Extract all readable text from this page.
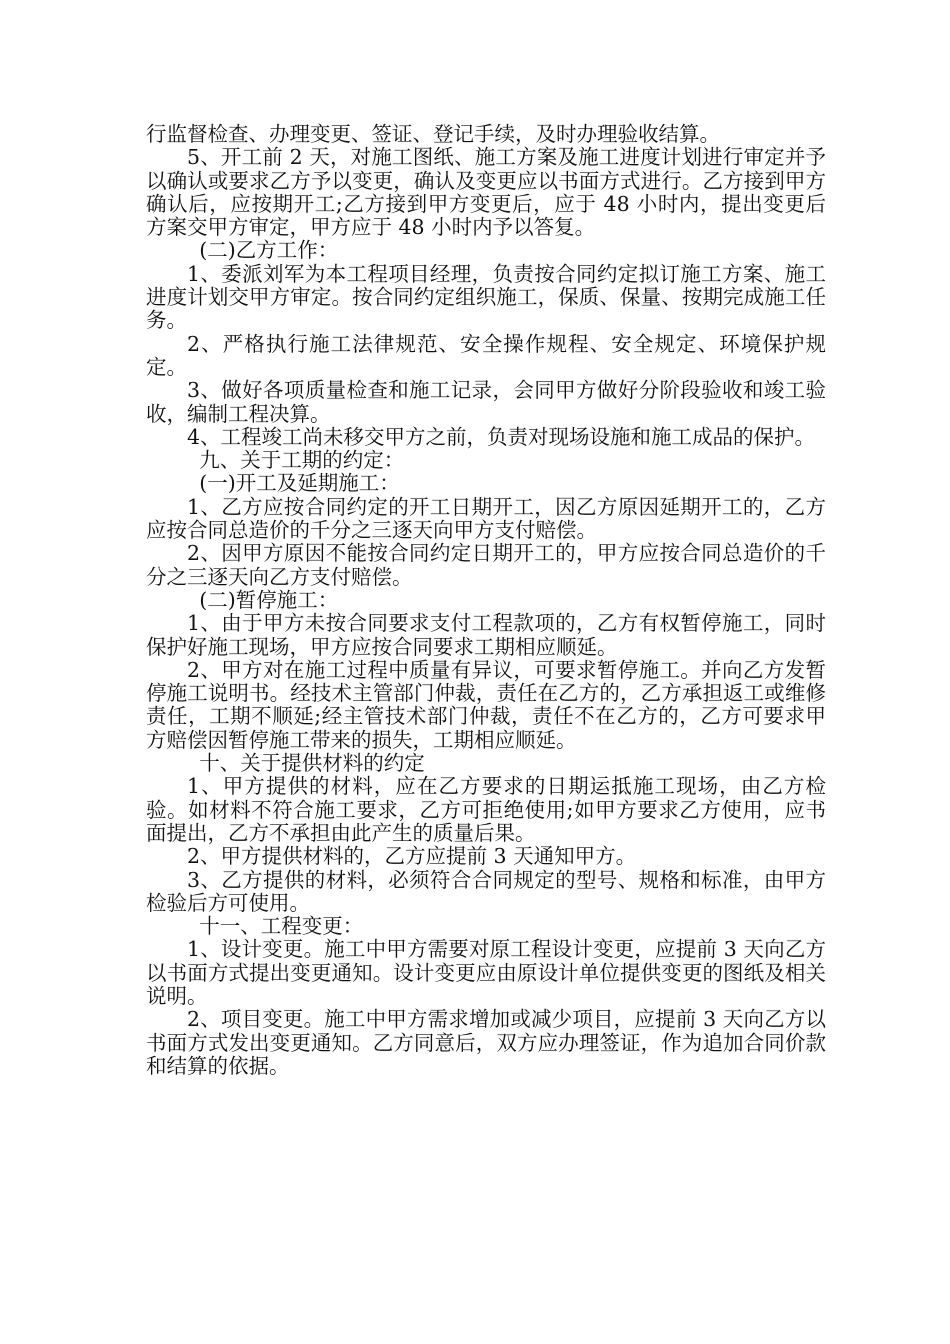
行监督检查、办理变更、签证、登记手续，及时办理验收结算。

5、开工前 2 天，对施工图纸、施工方案及施工进度计划进行审定并予以确认或要求乙方予以变更，确认及变更应以书面方式进行。乙方接到甲方确认后，应按期开工;乙方接到甲方变更后，应于 48 小时内，提出变更后方案交甲方审定，甲方应于 48 小时内予以答复。

(二)乙方工作：

1、委派刘军为本工程项目经理，负责按合同约定拟订施工方案、施工进度计划交甲方审定。按合同约定组织施工，保质、保量、按期完成施工任务。

2、严格执行施工法律规范、安全操作规程、安全规定、环境保护规定。

3、做好各项质量检查和施工记录，会同甲方做好分阶段验收和竣工验收，编制工程决算。

4、工程竣工尚未移交甲方之前，负责对现场设施和施工成品的保护。

九、关于工期的约定：

(一)开工及延期施工：

1、乙方应按合同约定的开工日期开工，因乙方原因延期开工的，乙方应按合同总造价的千分之三逐天向甲方支付赔偿。

2、因甲方原因不能按合同约定日期开工的，甲方应按合同总造价的千分之三逐天向乙方支付赔偿。

(二)暂停施工：

1、由于甲方未按合同要求支付工程款项的，乙方有权暂停施工，同时保护好施工现场，甲方应按合同要求工期相应顺延。

2、甲方对在施工过程中质量有异议，可要求暂停施工。并向乙方发暂停施工说明书。经技术主管部门仲裁，责任在乙方的，乙方承担返工或维修责任，工期不顺延;经主管技术部门仲裁，责任不在乙方的，乙方可要求甲方赔偿因暂停施工带来的损失，工期相应顺延。

十、关于提供材料的约定

1、甲方提供的材料，应在乙方要求的日期运抵施工现场，由乙方检验。如材料不符合施工要求，乙方可拒绝使用;如甲方要求乙方使用，应书面提出，乙方不承担由此产生的质量后果。

2、甲方提供材料的，乙方应提前 3 天通知甲方。

3、乙方提供的材料，必须符合合同规定的型号、规格和标准，由甲方检验后方可使用。

十一、工程变更：

1、设计变更。施工中甲方需要对原工程设计变更，应提前 3 天向乙方以书面方式提出变更通知。设计变更应由原设计单位提供变更的图纸及相关说明。

2、项目变更。施工中甲方需求增加或减少项目，应提前 3 天向乙方以书面方式发出变更通知。乙方同意后，双方应办理签证，作为追加合同价款和结算的依据。
